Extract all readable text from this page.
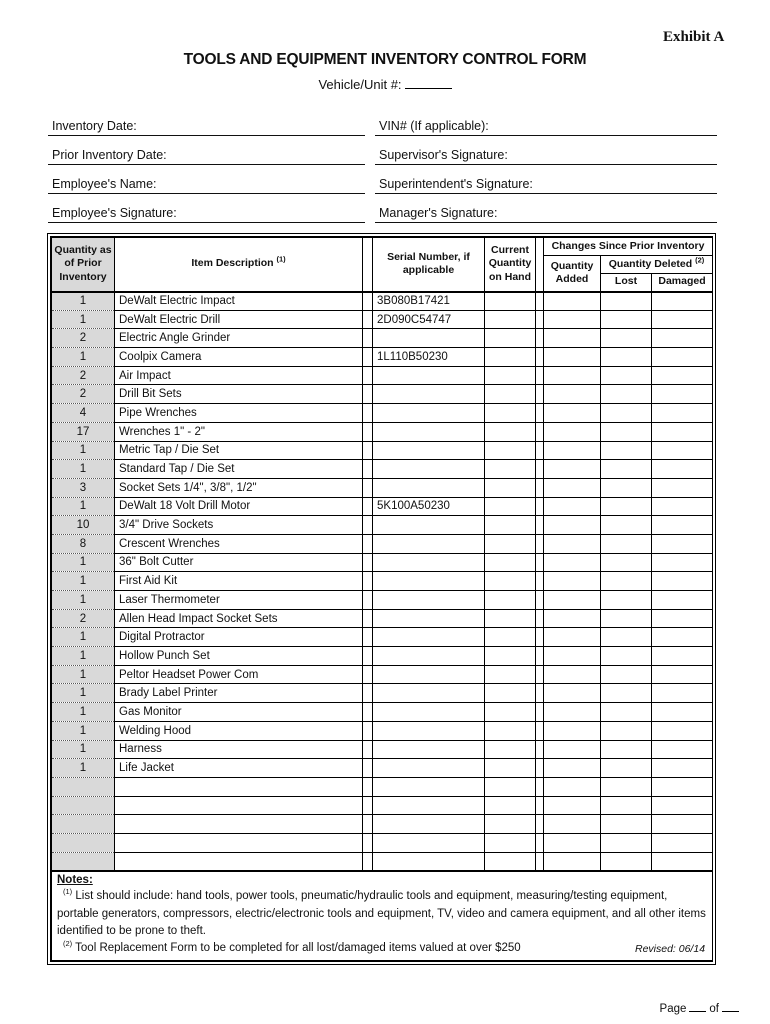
Exhibit A
TOOLS AND EQUIPMENT INVENTORY CONTROL FORM
Vehicle/Unit #:
Inventory Date:	VIN# (If applicable):
Prior Inventory Date:	Supervisor's Signature:
Employee's Name:	Superintendent's Signature:
Employee's Signature:	Manager's Signature:
Quantity as of Prior Inventory	Item Description $^{(1)}$		Serial Number, if applicable	Current Quantity on Hand		Changes Since Prior Inventory		
						Quantity Added	Quantity Deleted $^{(2)}$
							Lost	Damaged
1	DeWalt Electric Impact		3B080B17421					
1	DeWalt Electric Drill		2D090C54747					
2	Electric Angle Grinder							
1	Coolpix Camera		1L110B50230					
2	Air Impact							
2	Drill Bit Sets							
4	Pipe Wrenches							
17	Wrenches 1" - 2"							
1	Metric Tap / Die Set							
1	Standard Tap / Die Set							
3	Socket Sets 1/4", 3/8", 1/2"							
1	DeWalt 18 Volt Drill Motor		5K100A50230					
10	3/4" Drive Sockets							
8	Crescent Wrenches							
1	36" Bolt Cutter							
1	First Aid Kit							
1	Laser Thermometer							
2	Allen Head Impact Socket Sets							
1	Digital Protractor							
1	Hollow Punch Set							
1	Peltor Headset Power Com							
1	Brady Label Printer							
1	Gas Monitor							
1	Welding Hood							
1	Harness							
1	Life Jacket							

Notes:

$^{(1)}$ List should include: hand tools, power tools, pneumatic/hydraulic tools and equipment, measuring/testing equipment, portable generators, compressors, electric/electronic tools and equipment, TV, video and camera equipment, and all other items identified to be prone to theft.

$^{(2)}$ Tool Replacement Form to be completed for all lost/damaged items valued at over $250 Revised: 06/14								
Page of
